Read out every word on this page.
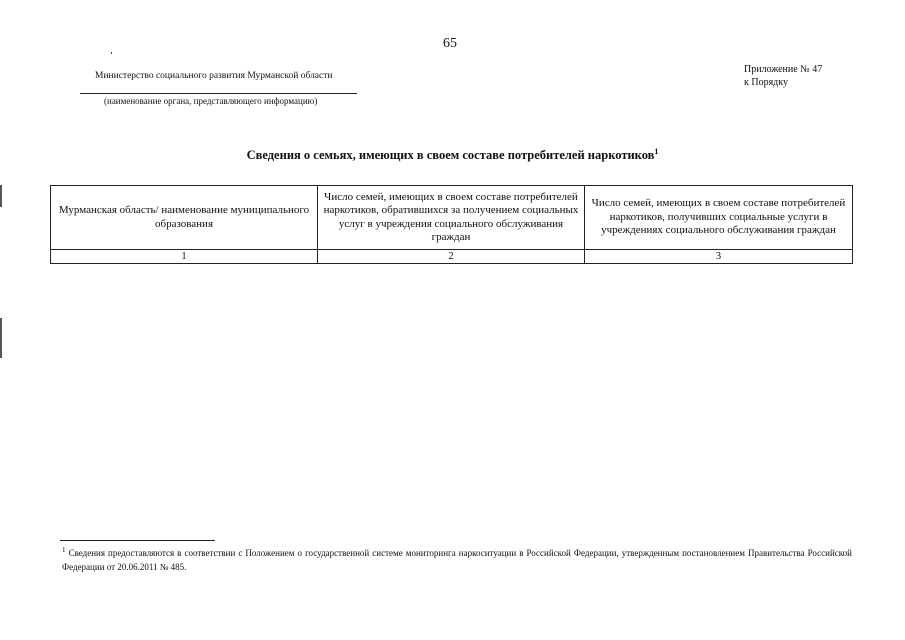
65
Министерство социального развития Мурманской области
(наименование органа, представляющего информацию)
Приложение № 47
к Порядку
Сведения о семьях, имеющих в своем составе потребителей наркотиков$^1$
Мурманская область/ наименование муниципального образования	Число семей, имеющих в своем составе потребителей наркотиков, обратившихся за получением социальных услуг в учреждения социального обслуживания граждан	Число семей, имеющих в своем составе потребителей наркотиков, получивших социальные услуги в учреждениях социального обслуживания граждан
1	2	3
$^1$ Сведения предоставляются в соответствии с Положением о государственной системе мониторинга наркоситуации в Российской Федерации, утвержденным постановлением Правительства Российской Федерации от 20.06.2011 № 485.
